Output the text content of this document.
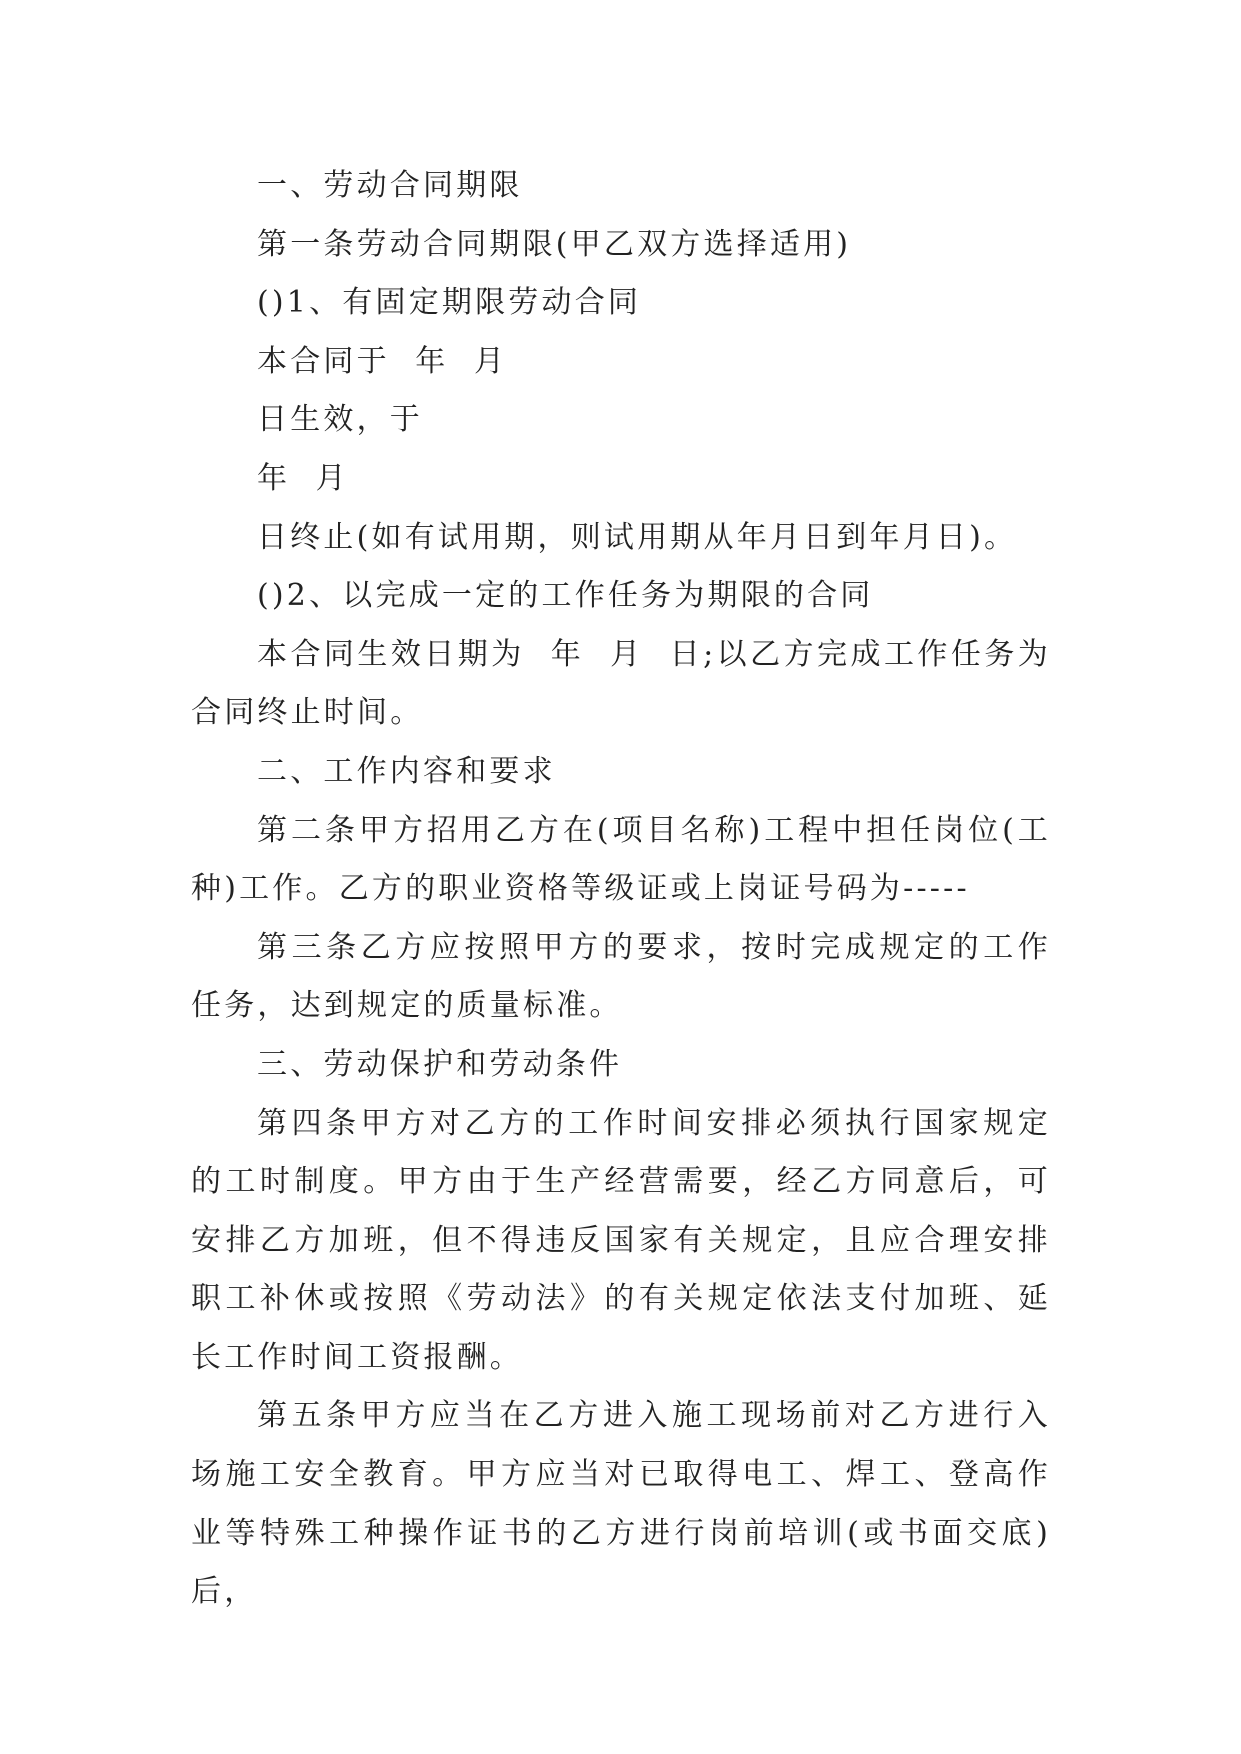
一、劳动合同期限

第一条劳动合同期限(甲乙双方选择适用)

()1、有固定期限劳动合同

本合同于  年  月

日生效，于

年  月

日终止(如有试用期，则试用期从年月日到年月日)。

()2、以完成一定的工作任务为期限的合同

本合同生效日期为  年  月  日;以乙方完成工作任务为合同终止时间。

二、工作内容和要求

第二条甲方招用乙方在(项目名称)工程中担任岗位(工种)工作。乙方的职业资格等级证或上岗证号码为-----

第三条乙方应按照甲方的要求，按时完成规定的工作任务，达到规定的质量标准。

三、劳动保护和劳动条件

第四条甲方对乙方的工作时间安排必须执行国家规定的工时制度。甲方由于生产经营需要，经乙方同意后，可安排乙方加班，但不得违反国家有关规定，且应合理安排职工补休或按照《劳动法》的有关规定依法支付加班、延长工作时间工资报酬。

第五条甲方应当在乙方进入施工现场前对乙方进行入场施工安全教育。甲方应当对已取得电工、焊工、登高作业等特殊工种操作证书的乙方进行岗前培训(或书面交底)后，
